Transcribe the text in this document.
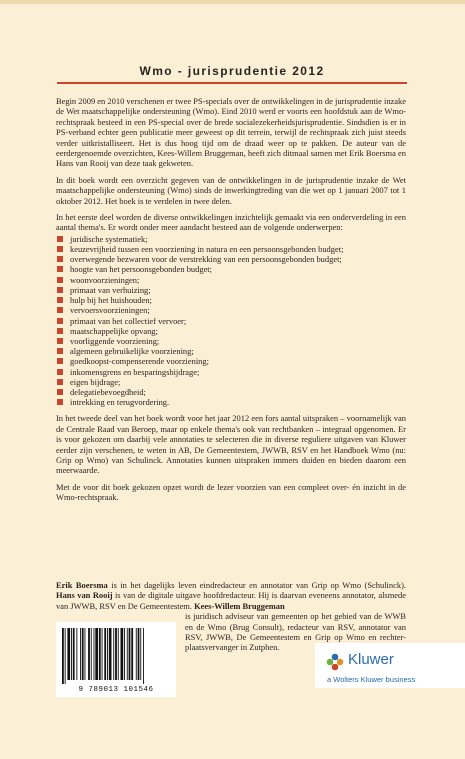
Wmo - jurisprudentie 2012

Begin 2009 en 2010 verschenen er twee PS-specials over de ontwikkelingen in de jurisprudentie inzake de Wet maatschappelijke ondersteuning (Wmo). Eind 2010 werd er voorts een hoofdstuk aan de Wmo-rechtspraak besteed in een PS-special over de brede socialezekerheidsjurisprudentie. Sindsdien is er in PS-verband echter geen publicatie meer geweest op dit terrein, terwijl de rechtspraak zich juist steeds verder uitkristalliseert. Het is dus hoog tijd om de draad weer op te pakken. De auteur van de eerdergenoemde overzichten, Kees-Willem Bruggeman, heeft zich ditmaal samen met Erik Boersma en Hans van Rooij van deze taak gekweten.

In dit boek wordt een overzicht gegeven van de ontwikkelingen in de jurisprudentie inzake de Wet maatschappelijke ondersteuning (Wmo) sinds de inwerkingtreding van die wet op 1 januari 2007 tot 1 oktober 2012. Het boek is te verdelen in twee delen.

In het eerste deel worden de diverse ontwikkelingen inzichtelijk gemaakt via een onderverdeling in een aantal thema's. Er wordt onder meer aandacht besteed aan de volgende onderwerpen:

juridische systematiek;
keuzevrijheid tussen een voorziening in natura en een persoonsgebonden budget;
overwegende bezwaren voor de verstrekking van een persoonsgebonden budget;
hoogte van het persoonsgebonden budget;
woonvoorzieningen;
primaat van verhuizing;
hulp bij het huishouden;
vervoersvoorzieningen;
primaat van het collectief vervoer;
maatschappelijke opvang;
voorliggende voorziening;
algemeen gebruikelijke voorziening;
goedkoopst-compenserende voorziening;
inkomensgrens en besparingsbijdrage;
eigen bijdrage;
delegatiebevoegdheid;
intrekking en terugvordering.

In het tweede deel van het boek wordt voor het jaar 2012 een fors aantal uitspraken – voornamelijk van de Centrale Raad van Beroep, maar op enkele thema's ook van rechtbanken – integraal opgenomen. Er is voor gekozen om daarbij vele annotaties te selecteren die in diverse reguliere uitgaven van Kluwer eerder zijn verschenen, te weten in AB, De Gemeentestem, JWWB, RSV en het Handboek Wmo (nu: Grip op Wmo) van Schulinck. Annotaties kunnen uitspraken immers duiden en bieden daarom een meerwaarde.

Met de voor dit boek gekozen opzet wordt de lezer voorzien van een compleet over- én inzicht in de Wmo-rechtspraak.

Erik Boersma is in het dagelijks leven eindredacteur en annotator van Grip op Wmo (Schulinck). Hans van Rooij is van de digitale uitgave hoofdredacteur. Hij is daarvan eveneens annotator, alsmede van JWWB, RSV en De Gemeentestem. Kees-Willem Bruggeman
is juridisch adviseur van gemeenten op het gebied van de WWB en de Wmo (Brug Consult), redacteur van RSV, annotator van RSV, JWWB, De Gemeentestem en Grip op Wmo en rechter-plaatsvervanger in Zutphen.
9 789013 101546
Kluwer
a Wolters Kluwer business
